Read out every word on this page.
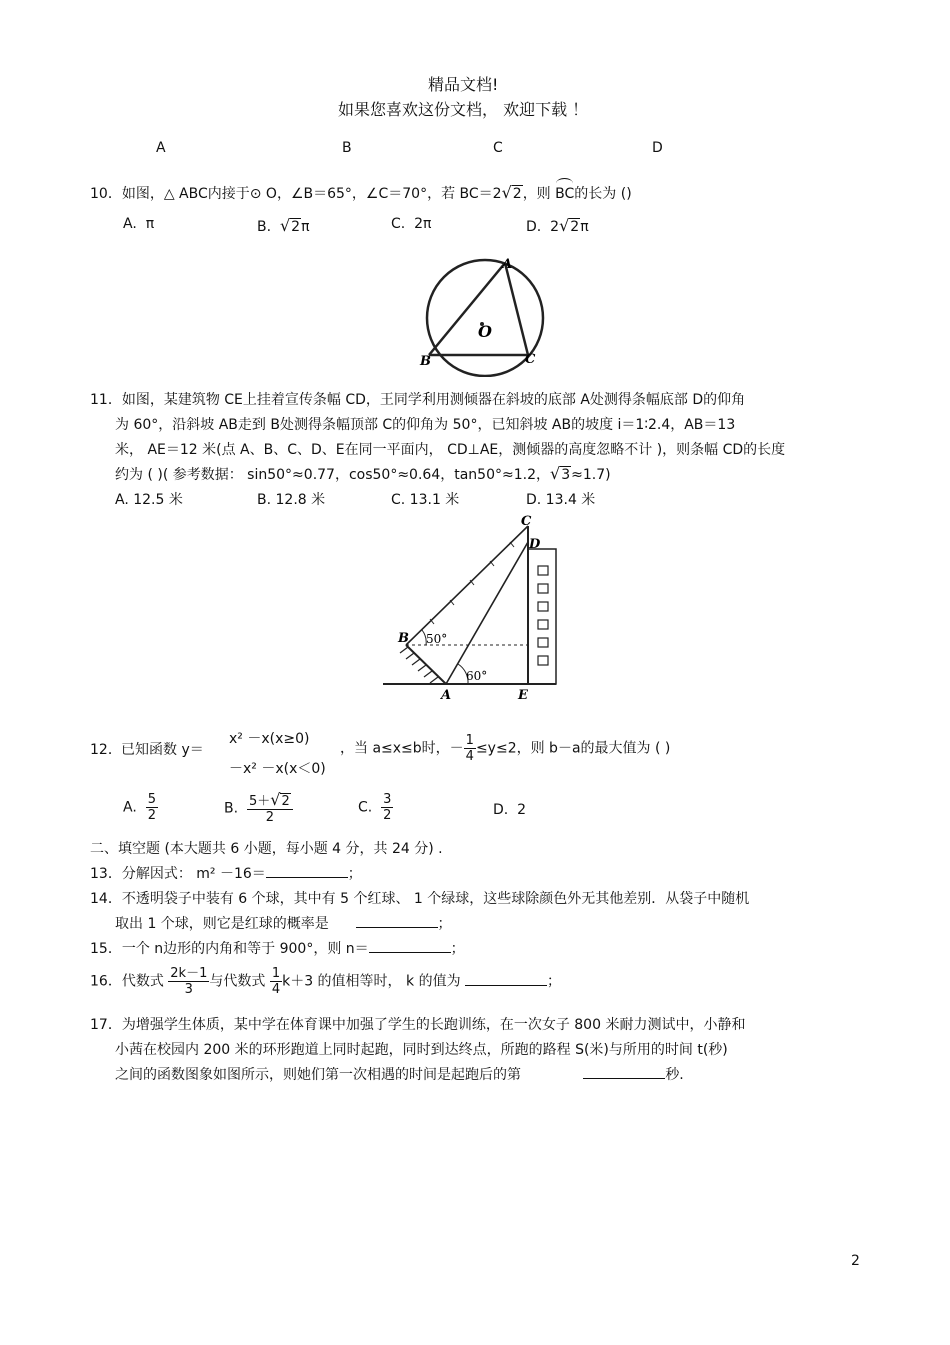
精品文档!
如果您喜欢这份文档， 欢迎下载 ！
A	B	C	D
10．如图，△ ABC内接于⊙ O，∠B＝65°，∠C＝70°，若 BC＝2√2，则 BC的长为 ()
A. π	B. √2π	C. 2π	D. 2√2π
A
O
B	C
11．如图，某建筑物 CE上挂着宣传条幅 CD，王同学利用测倾器在斜坡的底部 A处测得条幅底部 D的仰角
为 60°，沿斜坡 AB走到 B处测得条幅顶部 C的仰角为 50°，已知斜坡 AB的坡度 i＝1∶2.4，AB＝13
米， AE＝12 米(点 A、B、C、D、E在同一平面内， CD⊥AE，测倾器的高度忽略不计 )，则条幅 CD的长度
约为 ( )( 参考数据： sin50°≈0.77，cos50°≈0.64，tan50°≈1.2，√3≈1.7)
A. 12.5 米	B. 12.8 米	C. 13.1 米	D. 13.4 米
C
D
B 50°
60°
A	E
12． 已知函数 y＝
x² －x(x≥0)
－x² －x(x＜0)
，当 a≤x≤b时，－ $\frac{1}{4} \le y\le 2$，则 b－a的最大值为 ( )
A. $\frac{5}{2}$	B. $\frac{5+√2}{2}$	C. $\frac{3}{2}$	D. 2
二、填空题 (本大题共 6 小题，每小题 4 分，共 24 分) .
13．分解因式： m² －16＝	；
14．不透明袋子中装有 6 个球，其中有 5 个红球、 1 个绿球，这些球除颜色外无其他差别．从袋子中随机
取出 1 个球，则它是红球的概率是	；
15．一个 n边形的内角和等于 900°，则 n＝	；
16．代数式 $\frac{2k-1}{3}$ 与代数式 $\frac{1}{4} k+3$ 的值相等时， k 的值为	；
17．为增强学生体质，某中学在体育课中加强了学生的长跑训练，在一次女子 800 米耐力测试中，小静和
小茜在校园内 200 米的环形跑道上同时起跑，同时到达终点，所跑的路程 S(米)与所用的时间 t(秒)
之间的函数图象如图所示，则她们第一次相遇的时间是起跑后的第	秒.
2
